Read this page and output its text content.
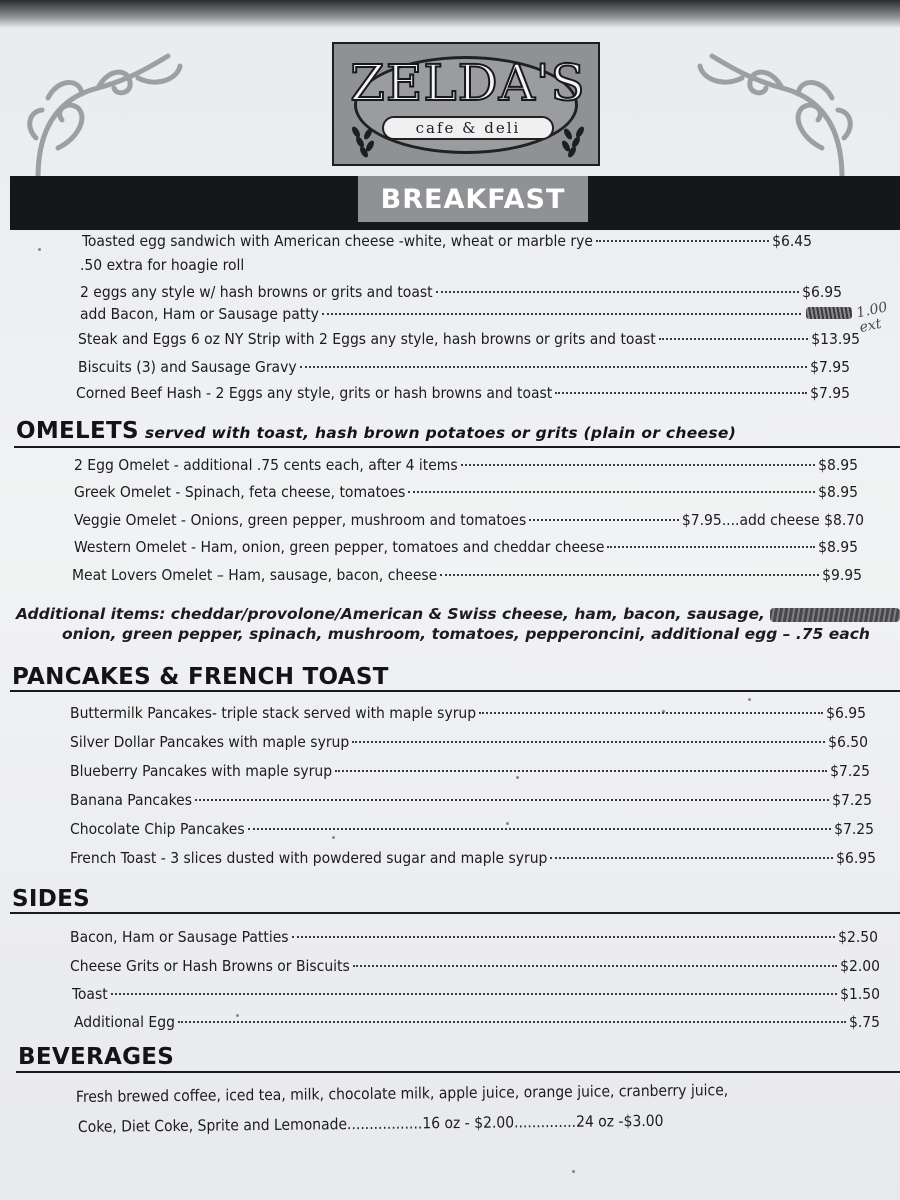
ZELDA'S
cafe & deli
BREAKFAST
Toasted egg sandwich with American cheese -white, wheat or marble rye	$6.45
.50 extra for hoagie roll
2 eggs any style w/ hash browns or grits and toast	$6.95
add Bacon, Ham or Sausage patty	1.00 ext
Steak and Eggs 6 oz NY Strip with 2 Eggs any style, hash browns or grits and toast	$13.95
Biscuits (3) and Sausage Gravy	$7.95
Corned Beef Hash - 2 Eggs any style, grits or hash browns and toast	$7.95
OMELETS served with toast, hash brown potatoes or grits (plain or cheese)
2 Egg Omelet - additional .75 cents each, after 4 items	$8.95
Greek Omelet - Spinach, feta cheese, tomatoes	$8.95
Veggie Omelet - Onions, green pepper, mushroom and tomatoes	$7.95....add cheese $8.70
Western Omelet - Ham, onion, green pepper, tomatoes and cheddar cheese	$8.95
Meat Lovers Omelet – Ham, sausage, bacon, cheese	$9.95
Additional items: cheddar/provolone/American & Swiss cheese, ham, bacon, sausage,
onion, green pepper, spinach, mushroom, tomatoes, pepperoncini, additional egg – .75 each
PANCAKES & FRENCH TOAST
Buttermilk Pancakes- triple stack served with maple syrup	$6.95
Silver Dollar Pancakes with maple syrup	$6.50
Blueberry Pancakes with maple syrup	$7.25
Banana Pancakes	$7.25
Chocolate Chip Pancakes	$7.25
French Toast - 3 slices dusted with powdered sugar and maple syrup	$6.95
SIDES
Bacon, Ham or Sausage Patties	$2.50
Cheese Grits or Hash Browns or Biscuits	$2.00
Toast	$1.50
Additional Egg	$.75
BEVERAGES
Fresh brewed coffee, iced tea, milk, chocolate milk, apple juice, orange juice, cranberry juice,
Coke, Diet Coke, Sprite and Lemonade.................16 oz - $2.00..............24 oz -$3.00
